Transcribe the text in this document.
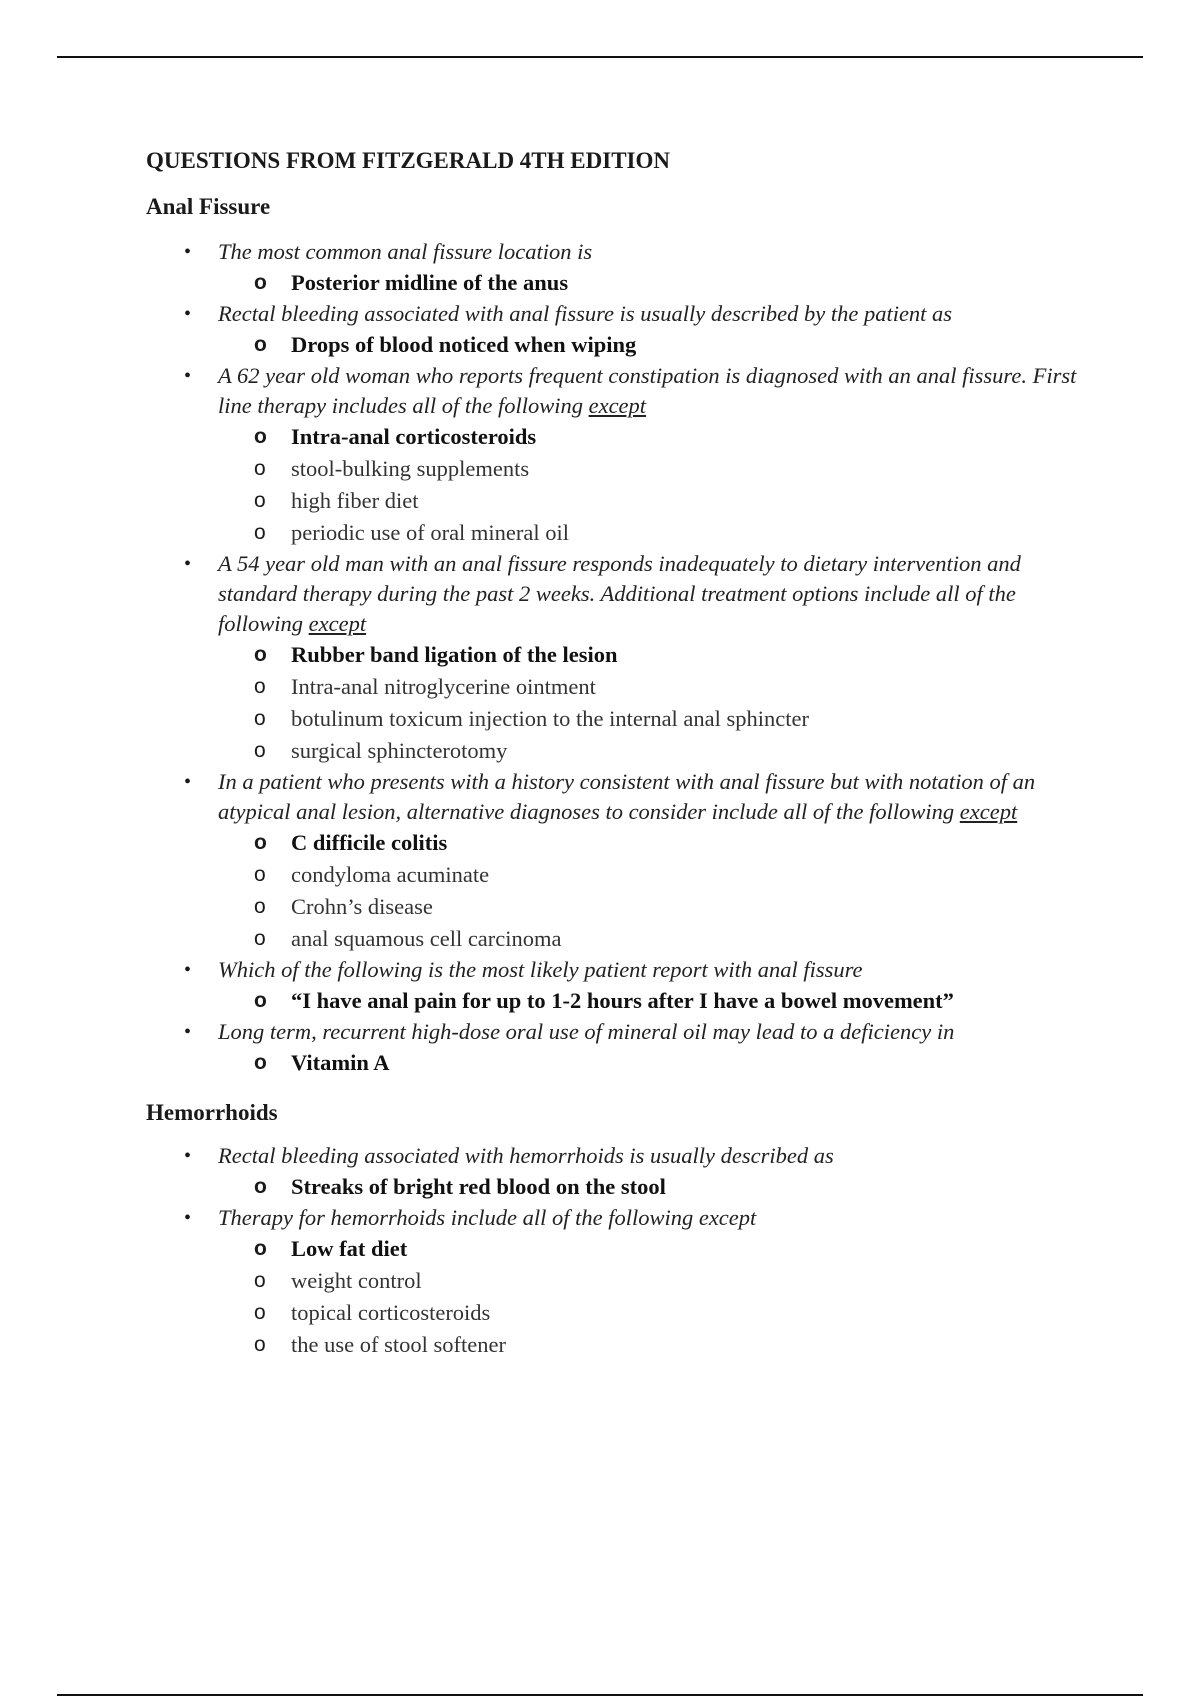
QUESTIONS FROM FITZGERALD 4TH EDITION
Anal Fissure
• The most common anal fissure location is
o Posterior midline of the anus
• Rectal bleeding associated with anal fissure is usually described by the patient as
o Drops of blood noticed when wiping
• A 62 year old woman who reports frequent constipation is diagnosed with an anal fissure. First line therapy includes all of the following except
o Intra-anal corticosteroids
o stool-bulking supplements
o high fiber diet
o periodic use of oral mineral oil
• A 54 year old man with an anal fissure responds inadequately to dietary intervention and standard therapy during the past 2 weeks. Additional treatment options include all of the following except
o Rubber band ligation of the lesion
o Intra-anal nitroglycerine ointment
o botulinum toxicum injection to the internal anal sphincter
o surgical sphincterotomy
• In a patient who presents with a history consistent with anal fissure but with notation of an atypical anal lesion, alternative diagnoses to consider include all of the following except
o C difficile colitis
o condyloma acuminate
o Crohn’s disease
o anal squamous cell carcinoma
• Which of the following is the most likely patient report with anal fissure
o “I have anal pain for up to 1-2 hours after I have a bowel movement”
• Long term, recurrent high-dose oral use of mineral oil may lead to a deficiency in
o Vitamin A
Hemorrhoids
• Rectal bleeding associated with hemorrhoids is usually described as
o Streaks of bright red blood on the stool
• Therapy for hemorrhoids include all of the following except
o Low fat diet
o weight control
o topical corticosteroids
o the use of stool softener
